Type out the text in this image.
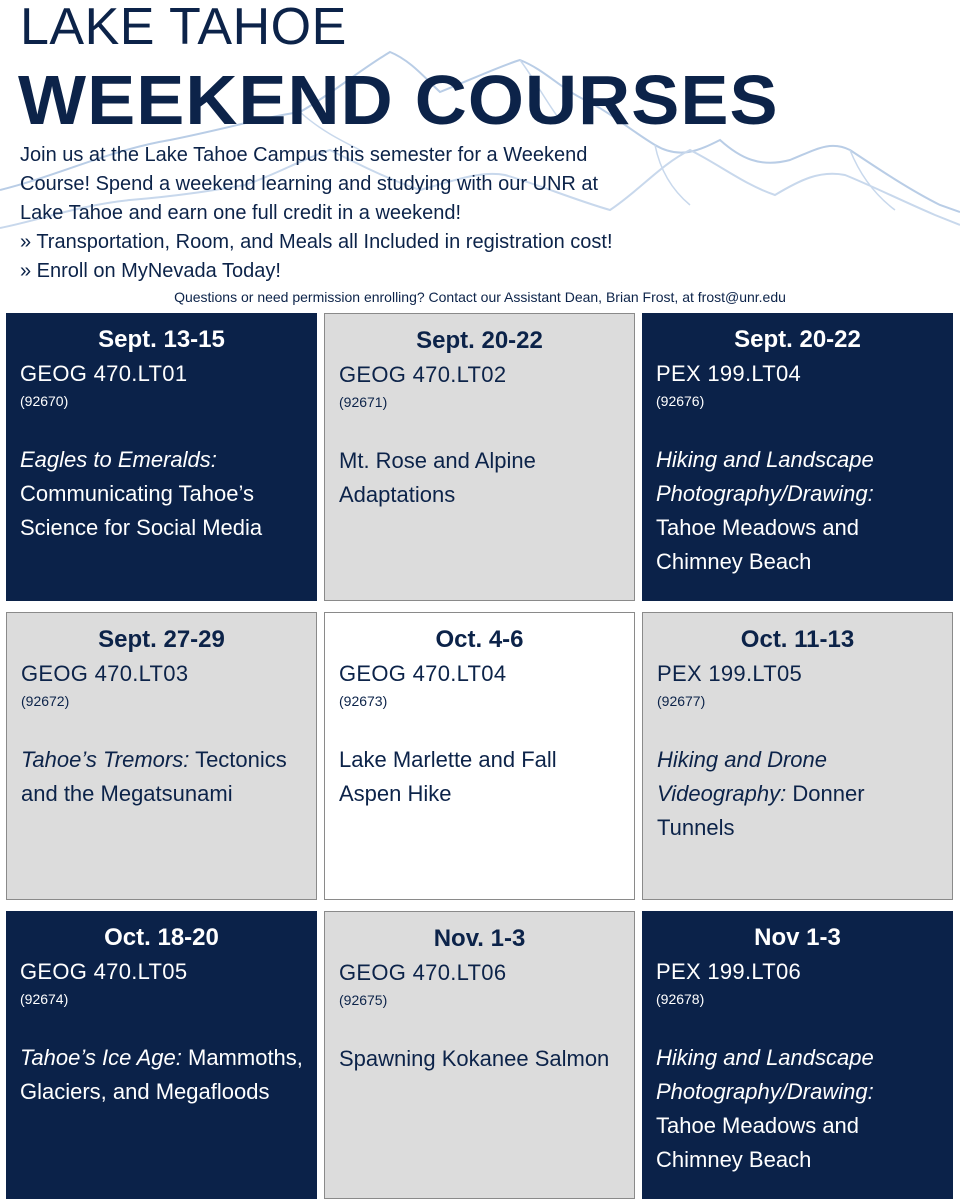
LAKE TAHOE
WEEKEND COURSES

Join us at the Lake Tahoe Campus this semester for a Weekend

Course! Spend a weekend learning and studying with our UNR at

Lake Tahoe and earn one full credit in a weekend!

» Transportation, Room, and Meals all Included in registration cost!

» Enroll on MyNevada Today!

Questions or need permission enrolling? Contact our Assistant Dean, Brian Frost, at frost@unr.edu
Sept. 13-15
GEOG 470.LT01
(92670)
Eagles to Emeralds: Communicating Tahoe’s Science for Social Media
Sept. 20-22
GEOG 470.LT02
(92671)
Mt. Rose and Alpine Adaptations
Sept. 20-22
PEX 199.LT04
(92676)
Hiking and Landscape Photography/Drawing: Tahoe Meadows and Chimney Beach
Sept. 27-29
GEOG 470.LT03
(92672)
Tahoe’s Tremors: Tectonics and the Megatsunami
Oct. 4-6
GEOG 470.LT04
(92673)
Lake Marlette and Fall Aspen Hike
Oct. 11-13
PEX 199.LT05
(92677)
Hiking and Drone Videography: Donner Tunnels
Oct. 18-20
GEOG 470.LT05
(92674)
Tahoe’s Ice Age: Mammoths, Glaciers, and Megafloods
Nov. 1-3
GEOG 470.LT06
(92675)
Spawning Kokanee Salmon
Nov 1-3
PEX 199.LT06
(92678)
Hiking and Landscape Photography/Drawing: Tahoe Meadows and Chimney Beach
